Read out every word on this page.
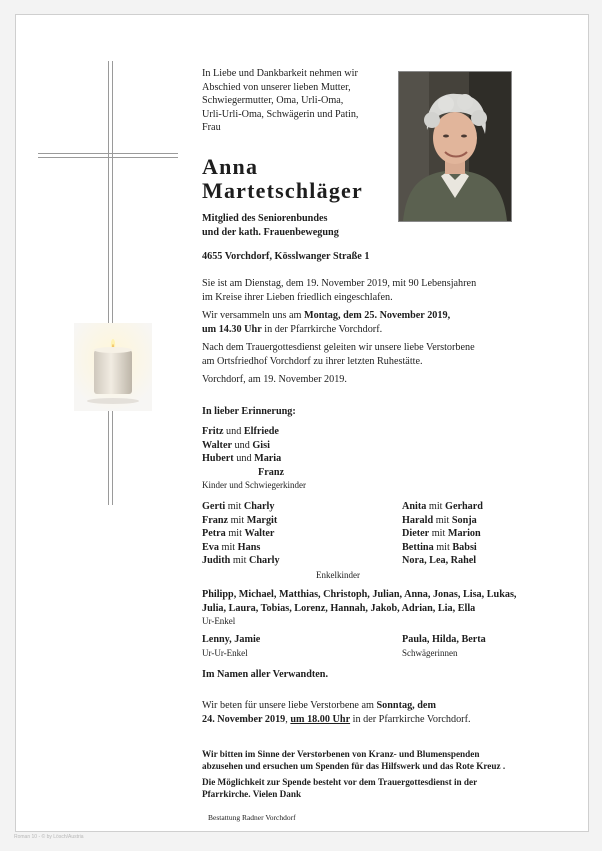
In Liebe und Dankbarkeit nehmen wir
Abschied von unserer lieben Mutter,
Schwiegermutter, Oma, Urli-Oma,
Urli-Urli-Oma, Schwägerin und Patin,
Frau
Anna
Martetschläger
Mitglied des Seniorenbundes
und der kath. Frauenbewegung
4655 Vorchdorf, Kösslwanger Straße 1
Sie ist am Dienstag, dem 19. November 2019, mit 90 Lebensjahren
im Kreise ihrer Lieben friedlich eingeschlafen.
Wir versammeln uns am Montag, dem 25. November 2019,
um 14.30 Uhr in der Pfarrkirche Vorchdorf.
Nach dem Trauergottesdienst geleiten wir unsere liebe Verstorbene
am Ortsfriedhof Vorchdorf zu ihrer letzten Ruhestätte.
Vorchdorf, am 19. November 2019.
In lieber Erinnerung:
Fritz und Elfriede
Walter und Gisi
Hubert und Maria
Franz
Kinder und Schwiegerkinder
Gerti mit Charly
Franz mit Margit
Petra mit Walter
Eva mit Hans
Judith mit Charly
Anita mit Gerhard
Harald mit Sonja
Dieter mit Marion
Bettina mit Babsi
Nora, Lea, Rahel
Enkelkinder
Philipp, Michael, Matthias, Christoph, Julian, Anna, Jonas, Lisa, Lukas,
Julia, Laura, Tobias, Lorenz, Hannah, Jakob, Adrian, Lia, Ella
Ur-Enkel
Lenny, Jamie
Ur-Ur-Enkel
Paula, Hilda, Berta
Schwägerinnen
Im Namen aller Verwandten.
Wir beten für unsere liebe Verstorbene am Sonntag, dem
24. November 2019, um 18.00 Uhr in der Pfarrkirche Vorchdorf.
Wir bitten im Sinne der Verstorbenen von Kranz- und Blumenspenden
abzusehen und ersuchen um Spenden für das Hilfswerk und das Rote Kreuz .
Die Möglichkeit zur Spende besteht vor dem Trauergottesdienst in der
Pfarrkirche. Vielen Dank
Bestattung Radner Vorchdorf
Roman 10 - © by Lösch/Austria
